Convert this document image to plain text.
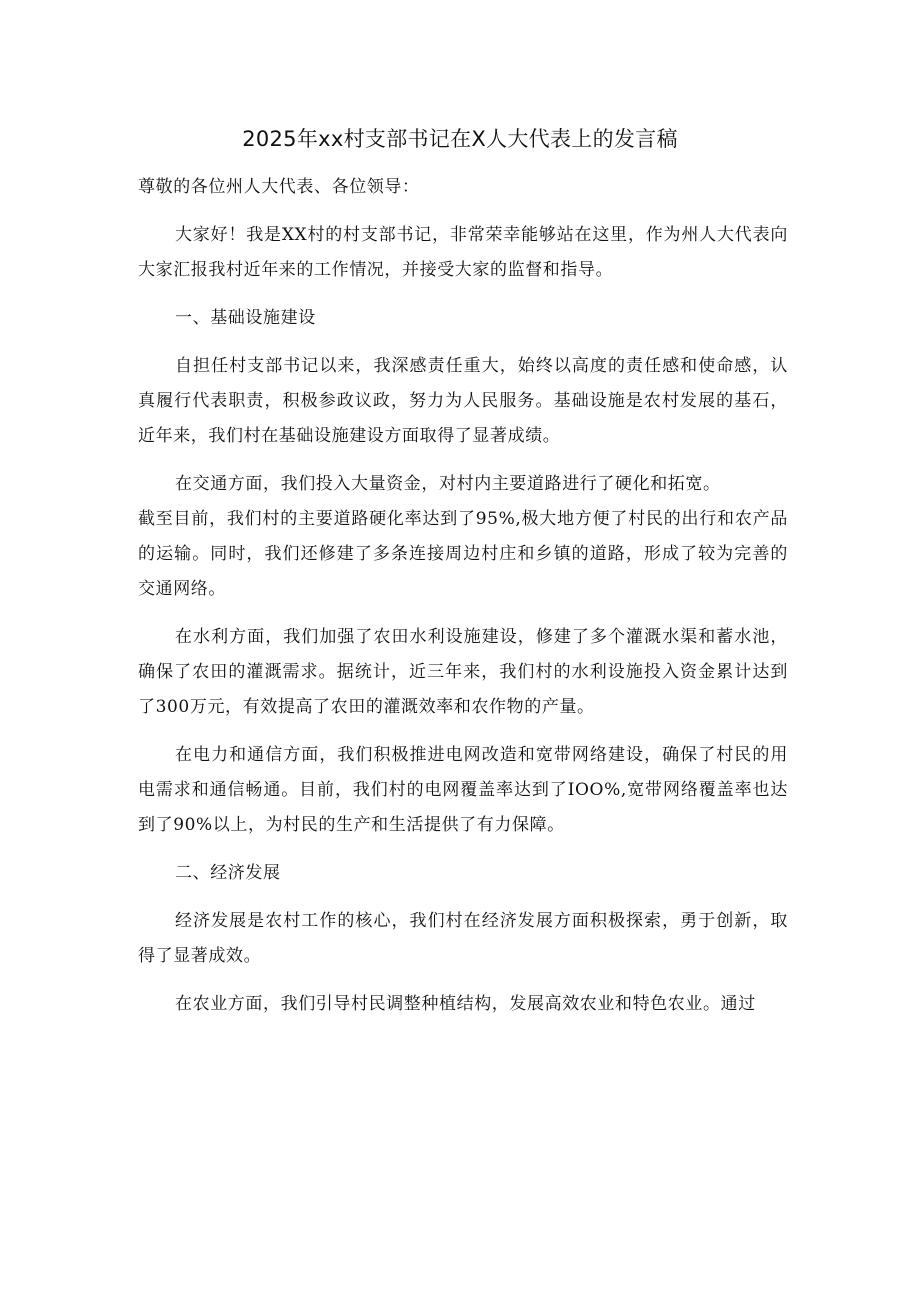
2025年xx村支部书记在X人大代表上的发言稿

尊敬的各位州人大代表、各位领导：

大家好！我是XX村的村支部书记，非常荣幸能够站在这里，作为州人大代表向大家汇报我村近年来的工作情况，并接受大家的监督和指导。

一、基础设施建设

自担任村支部书记以来，我深感责任重大，始终以高度的责任感和使命感，认真履行代表职责，积极参政议政，努力为人民服务。基础设施是农村发展的基石，近年来，我们村在基础设施建设方面取得了显著成绩。

在交通方面，我们投入大量资金，对村内主要道路进行了硬化和拓宽。

截至目前，我们村的主要道路硬化率达到了95%,极大地方便了村民的出行和农产品的运输。同时，我们还修建了多条连接周边村庄和乡镇的道路，形成了较为完善的交通网络。

在水利方面，我们加强了农田水利设施建设，修建了多个灌溉水渠和蓄水池，确保了农田的灌溉需求。据统计，近三年来，我们村的水利设施投入资金累计达到了300万元，有效提高了农田的灌溉效率和农作物的产量。

在电力和通信方面，我们积极推进电网改造和宽带网络建设，确保了村民的用电需求和通信畅通。目前，我们村的电网覆盖率达到了IOO%,宽带网络覆盖率也达到了90%以上，为村民的生产和生活提供了有力保障。

二、经济发展

经济发展是农村工作的核心，我们村在经济发展方面积极探索，勇于创新，取得了显著成效。

在农业方面，我们引导村民调整种植结构，发展高效农业和特色农业。通过
